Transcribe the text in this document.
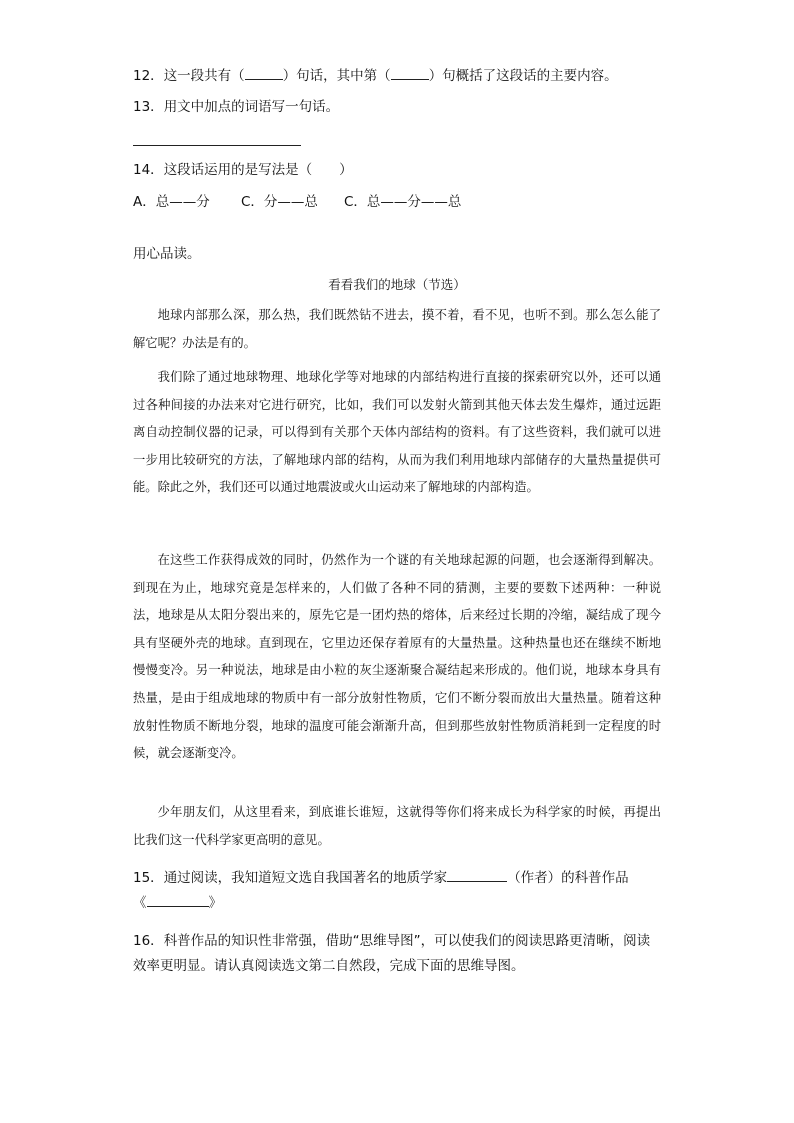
12．这一段共有（	）句话，其中第（	）句概括了这段话的主要内容。
13．用文中加点的词语写一句话。
14．这段话运用的是写法是（　　）
A．总——分 C．分——总 C．总——分——总
用心品读。
看看我们的地球（节选）

地球内部那么深，那么热，我们既然钻不进去，摸不着，看不见，也听不到。那么怎么能了解它呢？办法是有的。

我们除了通过地球物理、地球化学等对地球的内部结构进行直接的探索研究以外，还可以通过各种间接的办法来对它进行研究，比如，我们可以发射火箭到其他天体去发生爆炸，通过远距离自动控制仪器的记录，可以得到有关那个天体内部结构的资料。有了这些资料，我们就可以进一步用比较研究的方法，了解地球内部的结构，从而为我们利用地球内部储存的大量热量提供可能。除此之外，我们还可以通过地震波或火山运动来了解地球的内部构造。

在这些工作获得成效的同时，仍然作为一个谜的有关地球起源的问题，也会逐渐得到解决。到现在为止，地球究竟是怎样来的，人们做了各种不同的猜测，主要的要数下述两种：一种说法，地球是从太阳分裂出来的，原先它是一团灼热的熔体，后来经过长期的冷缩，凝结成了现今具有坚硬外壳的地球。直到现在，它里边还保存着原有的大量热量。这种热量也还在继续不断地慢慢变冷。另一种说法，地球是由小粒的灰尘逐渐聚合凝结起来形成的。他们说，地球本身具有热量，是由于组成地球的物质中有一部分放射性物质，它们不断分裂而放出大量热量。随着这种放射性物质不断地分裂，地球的温度可能会渐渐升高，但到那些放射性物质消耗到一定程度的时候，就会逐渐变冷。

少年朋友们，从这里看来，到底谁长谁短，这就得等你们将来成长为科学家的时候，再提出比我们这一代科学家更高明的意见。

15．通过阅读，我知道短文选自我国著名的地质学家	（作者）的科普作品
《	》

16．科普作品的知识性非常强，借助“思维导图”，可以使我们的阅读思路更清晰，阅读效率更明显。请认真阅读选文第二自然段，完成下面的思维导图。
